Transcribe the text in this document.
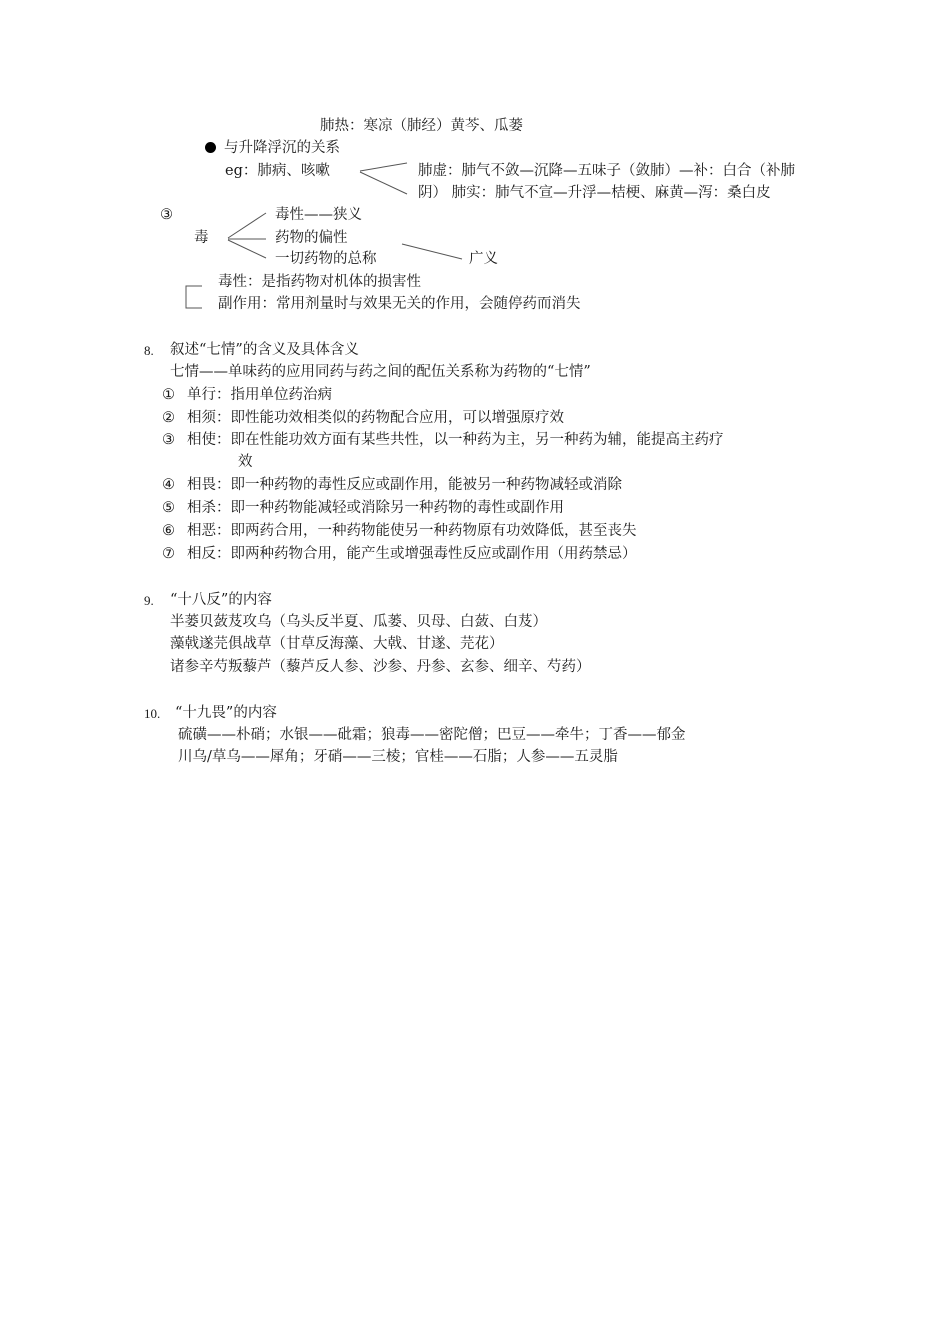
肺热：寒凉（肺经）黄芩、瓜蒌
与升降浮沉的关系
eg：肺病、咳嗽	肺虚：肺气不敛—沉降—五味子（敛肺）—补：白合（补肺
阴） 肺实：肺气不宣—升浮—桔梗、麻黄—泻：桑白皮
③
毒
毒性——狭义
药物的偏性
一切药物的总称	广义
毒性：是指药物对机体的损害性
副作用：常用剂量时与效果无关的作用，会随停药而消失
8. 叙述“七情”的含义及具体含义
七情——单味药的应用同药与药之间的配伍关系称为药物的“七情”
① 单行：指用单位药治病
② 相须：即性能功效相类似的药物配合应用，可以增强原疗效
③ 相使：即在性能功效方面有某些共性，以一种药为主，另一种药为辅，能提高主药疗
效
④ 相畏：即一种药物的毒性反应或副作用，能被另一种药物减轻或消除
⑤ 相杀：即一种药物能减轻或消除另一种药物的毒性或副作用
⑥ 相恶：即两药合用，一种药物能使另一种药物原有功效降低，甚至丧失
⑦ 相反：即两种药物合用，能产生或增强毒性反应或副作用（用药禁忌）
9. “十八反”的内容
半蒌贝蔹芨攻乌（乌头反半夏、瓜蒌、贝母、白蔹、白芨）
藻戟遂芫俱战草（甘草反海藻、大戟、甘遂、芫花）
诸参辛芍叛藜芦（藜芦反人参、沙参、丹参、玄参、细辛、芍药）
10. “十九畏”的内容
硫磺——朴硝；水银——砒霜；狼毒——密陀僧；巴豆——牵牛；丁香——郁金
川乌/草乌——犀角；牙硝——三棱；官桂——石脂；人参——五灵脂
